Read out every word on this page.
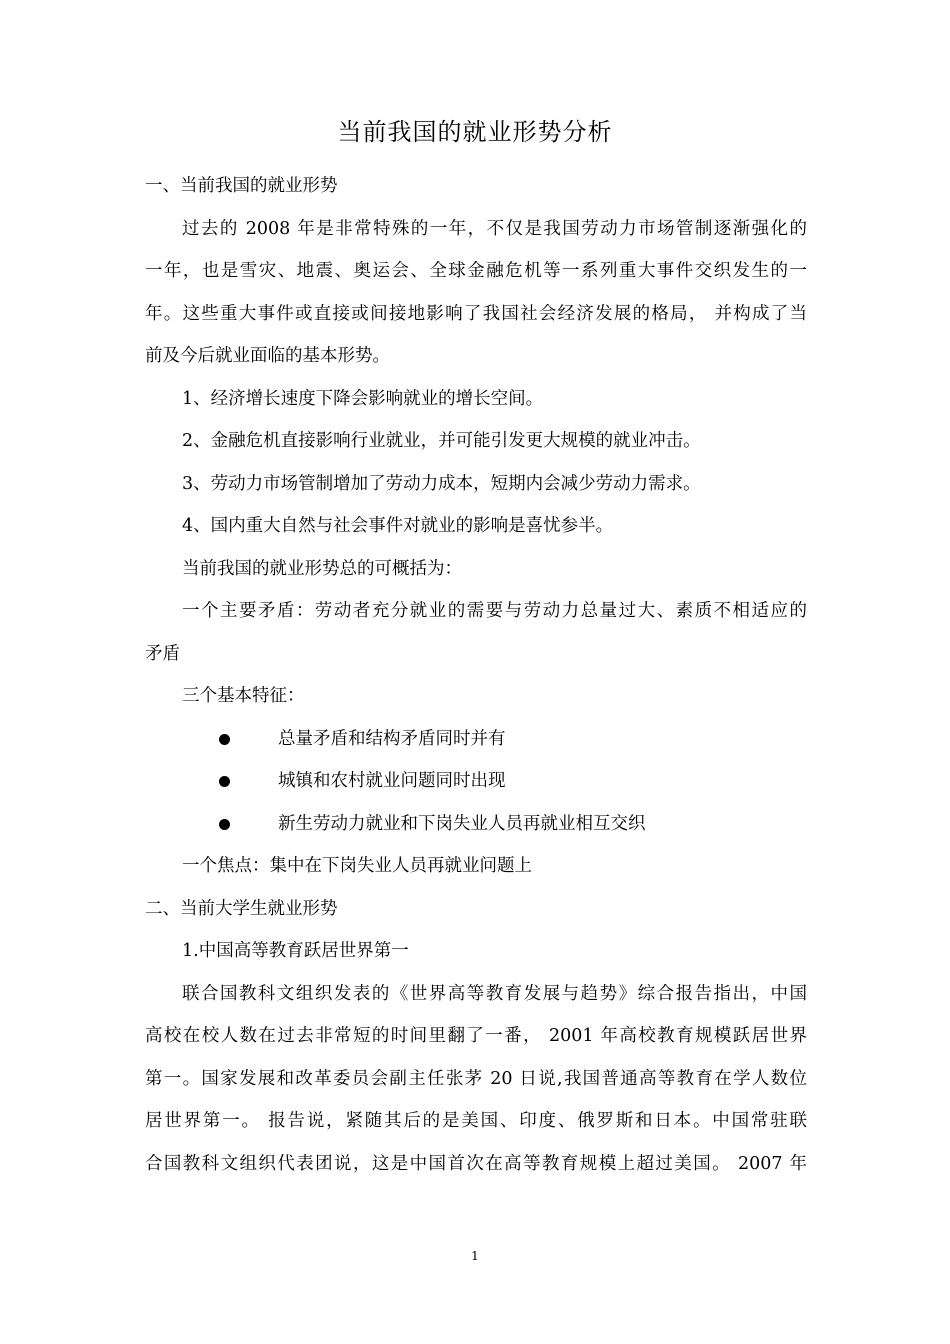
当前我国的就业形势分析
一、当前我国的就业形势
过去的 2008 年是非常特殊的一年，不仅是我国劳动力市场管制逐渐强化的
一年，也是雪灾、地震、奥运会、全球金融危机等一系列重大事件交织发生的一
年。这些重大事件或直接或间接地影响了我国社会经济发展的格局， 并构成了当
前及今后就业面临的基本形势。
1、经济增长速度下降会影响就业的增长空间。
2、金融危机直接影响行业就业，并可能引发更大规模的就业冲击。
3、劳动力市场管制增加了劳动力成本，短期内会减少劳动力需求。
4、国内重大自然与社会事件对就业的影响是喜忧参半。
当前我国的就业形势总的可概括为：
一个主要矛盾：劳动者充分就业的需要与劳动力总量过大、素质不相适应的
矛盾
三个基本特征：
总量矛盾和结构矛盾同时并有
城镇和农村就业问题同时出现
新生劳动力就业和下岗失业人员再就业相互交织
一个焦点：集中在下岗失业人员再就业问题上
二、当前大学生就业形势
1.中国高等教育跃居世界第一
联合国教科文组织发表的《世界高等教育发展与趋势》综合报告指出，中国
高校在校人数在过去非常短的时间里翻了一番， 2001 年高校教育规模跃居世界
第一。国家发展和改革委员会副主任张茅 20 日说,我国普通高等教育在学人数位
居世界第一。 报告说，紧随其后的是美国、印度、俄罗斯和日本。中国常驻联
合国教科文组织代表团说，这是中国首次在高等教育规模上超过美国。 2007 年
1
